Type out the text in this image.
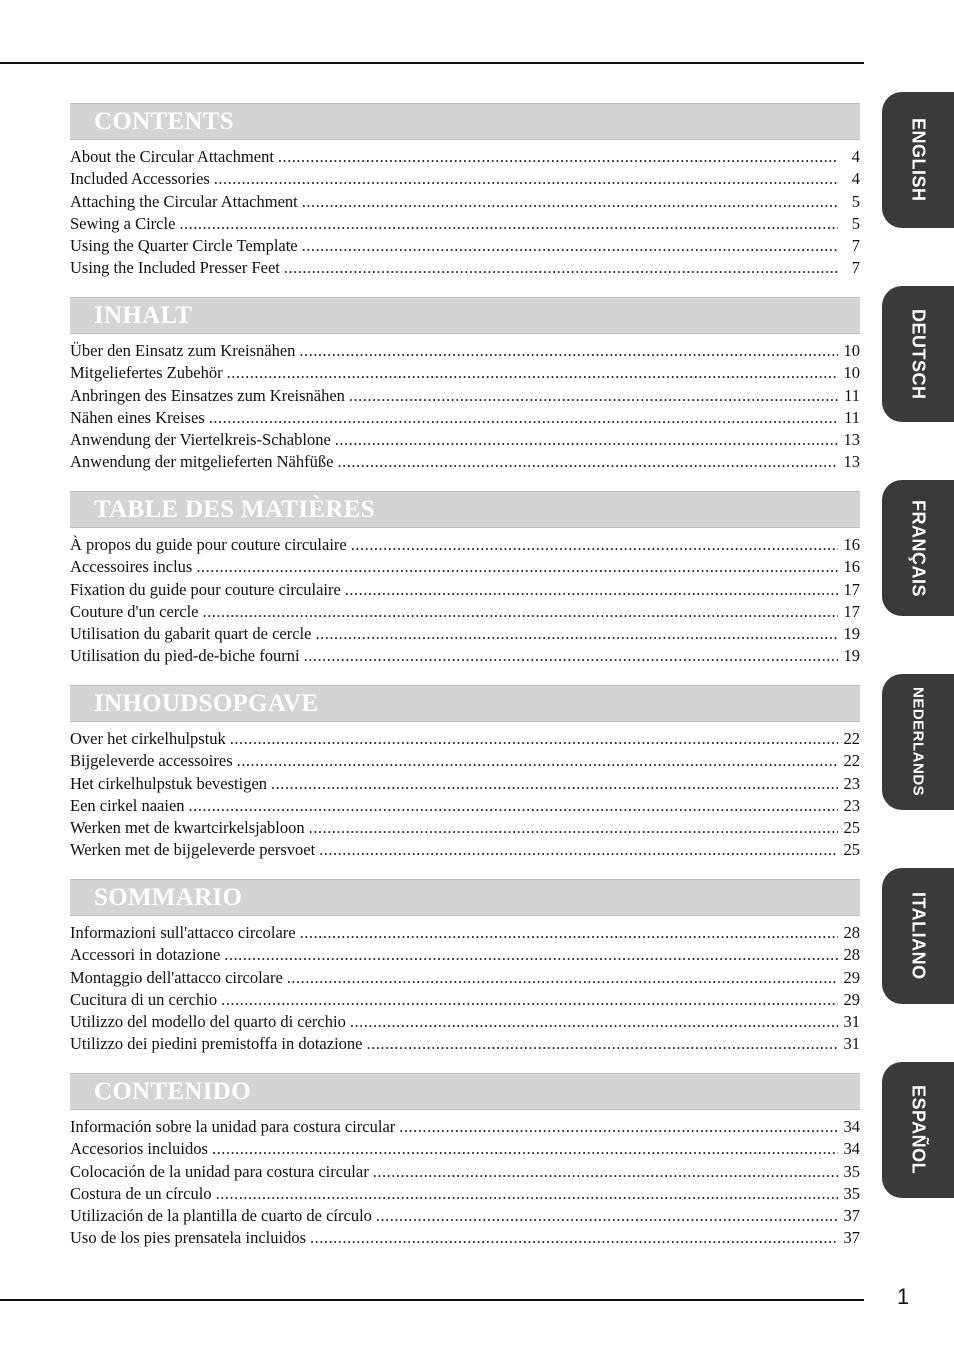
CONTENTS
About the Circular Attachment .....	4
Included Accessories .....	4
Attaching the Circular Attachment .....	5
Sewing a Circle .....	5
Using the Quarter Circle Template .....	7
Using the Included Presser Feet .....	7
INHALT
Über den Einsatz zum Kreisnähen .....	10
Mitgeliefertes Zubehör .....	10
Anbringen des Einsatzes zum Kreisnähen .....	11
Nähen eines Kreises .....	11
Anwendung der Viertelkreis-Schablone .....	13
Anwendung der mitgelieferten Nähfüße .....	13
TABLE DES MATIÈRES
À propos du guide pour couture circulaire .....	16
Accessoires inclus .....	16
Fixation du guide pour couture circulaire .....	17
Couture d'un cercle .....	17
Utilisation du gabarit quart de cercle .....	19
Utilisation du pied-de-biche fourni .....	19
INHOUDSOPGAVE
Over het cirkelhulpstuk .....	22
Bijgeleverde accessoires .....	22
Het cirkelhulpstuk bevestigen .....	23
Een cirkel naaien .....	23
Werken met de kwartcirkelsjabloon .....	25
Werken met de bijgeleverde persvoet .....	25
SOMMARIO
Informazioni sull'attacco circolare .....	28
Accessori in dotazione .....	28
Montaggio dell'attacco circolare .....	29
Cucitura di un cerchio .....	29
Utilizzo del modello del quarto di cerchio .....	31
Utilizzo dei piedini premistoffa in dotazione .....	31
CONTENIDO
Información sobre la unidad para costura circular .....	34
Accesorios incluidos .....	34
Colocación de la unidad para costura circular .....	35
Costura de un círculo .....	35
Utilización de la plantilla de cuarto de círculo .....	37
Uso de los pies prensatela incluidos .....	37
ENGLISH
DEUTSCH
FRANÇAIS
NEDERLANDS
ITALIANO
ESPAÑOL
1
